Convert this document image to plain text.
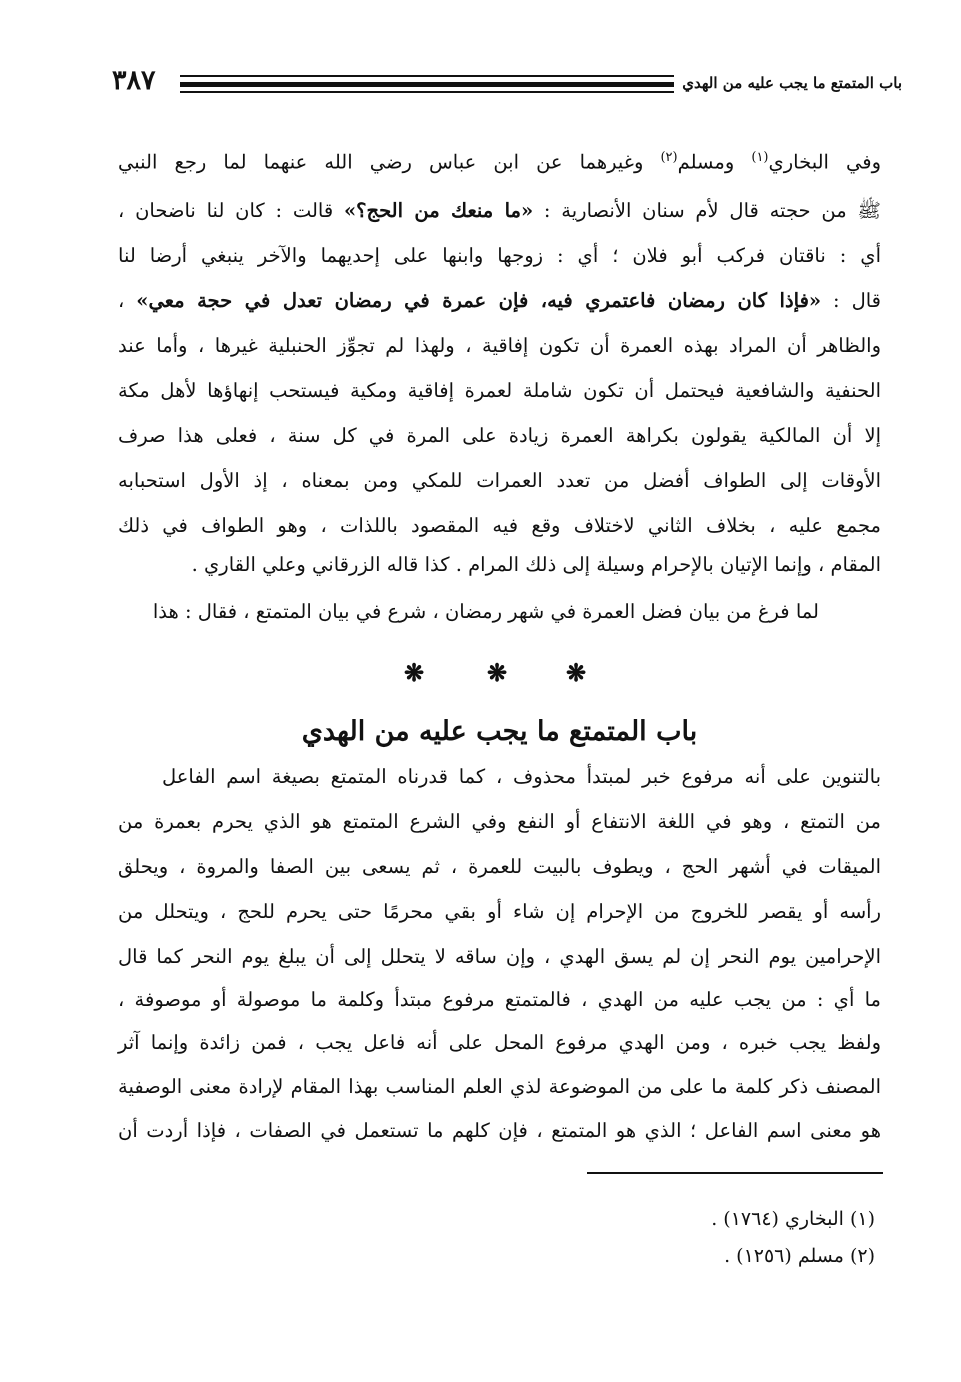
٣٨٧	باب المتمتع ما يجب عليه من الهدي
وفي البخاري$^{(١)}$ ومسلم$^{(٢)}$ وغيرهما عن ابن عباس رضي الله عنهما لما رجع النبي
ﷺ من حجته قال لأم سنان الأنصارية : «ما منعك من الحج؟» قالت : كان لنا ناضحان ،
أي : ناقتان فركب أبو فلان ؛ أي : زوجها وابنها على إحديهما والآخر ينبغي أرضا لنا
قال : «فإذا كان رمضان فاعتمري فيه، فإن عمرة في رمضان تعدل في حجة معي» ،
والظاهر أن المراد بهذه العمرة أن تكون إفاقية ، ولهذا لم تجوِّز الحنبلية غيرها ، وأما عند
الحنفية والشافعية فيحتمل أن تكون شاملة لعمرة إفاقية ومكية فيستحب إنهاؤها لأهل مكة
إلا أن المالكية يقولون بكراهة العمرة زيادة على المرة في كل سنة ، فعلى هذا صرف
الأوقات إلى الطواف أفضل من تعدد العمرات للمكي ومن بمعناه ، إذ الأول استحبابه
مجمع عليه ، بخلاف الثاني لاختلاف وقع فيه المقصود باللذات ، وهو الطواف في ذلك
المقام ، وإنما الإتيان بالإحرام وسيلة إلى ذلك المرام . كذا قاله الزرقاني وعلي القاري .
لما فرغ من بيان فضل العمرة في شهر رمضان ، شرع في بيان المتمتع ، فقال : هذا
❋	❋ ❋
باب المتمتع ما يجب عليه من الهدي
بالتنوين على أنه مرفوع خبر لمبتدأ محذوف ، كما قدرناه المتمتع بصيغة اسم الفاعل
من التمتع ، وهو في اللغة الانتفاع أو النفع وفي الشرع المتمتع هو الذي يحرم بعمرة من
الميقات في أشهر الحج ، ويطوف بالبيت للعمرة ، ثم يسعى بين الصفا والمروة ، ويحلق
رأسه أو يقصر للخروج من الإحرام إن شاء أو بقي محرمًا حتى يحرم للحج ، ويتحلل من
الإحرامين يوم النحر إن لم يسق الهدي ، وإن ساقه لا يتحلل إلى أن يبلغ يوم النحر كما قال
ما أي : من يجب عليه من الهدي ، فالمتمتع مرفوع مبتدأ وكلمة ما موصولة أو موصوفة ،
ولفظ يجب خبره ، ومن الهدي مرفوع المحل على أنه فاعل يجب ، فمن زائدة وإنما آثر
المصنف ذكر كلمة ما على من الموضوعة لذي العلم المناسب بهذا المقام لإرادة معنى الوصفية
هو معنى اسم الفاعل ؛ الذي هو المتمتع ، فإن كلهم ما تستعمل في الصفات ، فإذا أردت أن
(١) البخاري (١٧٦٤) .
(٢) مسلم (١٢٥٦) .
